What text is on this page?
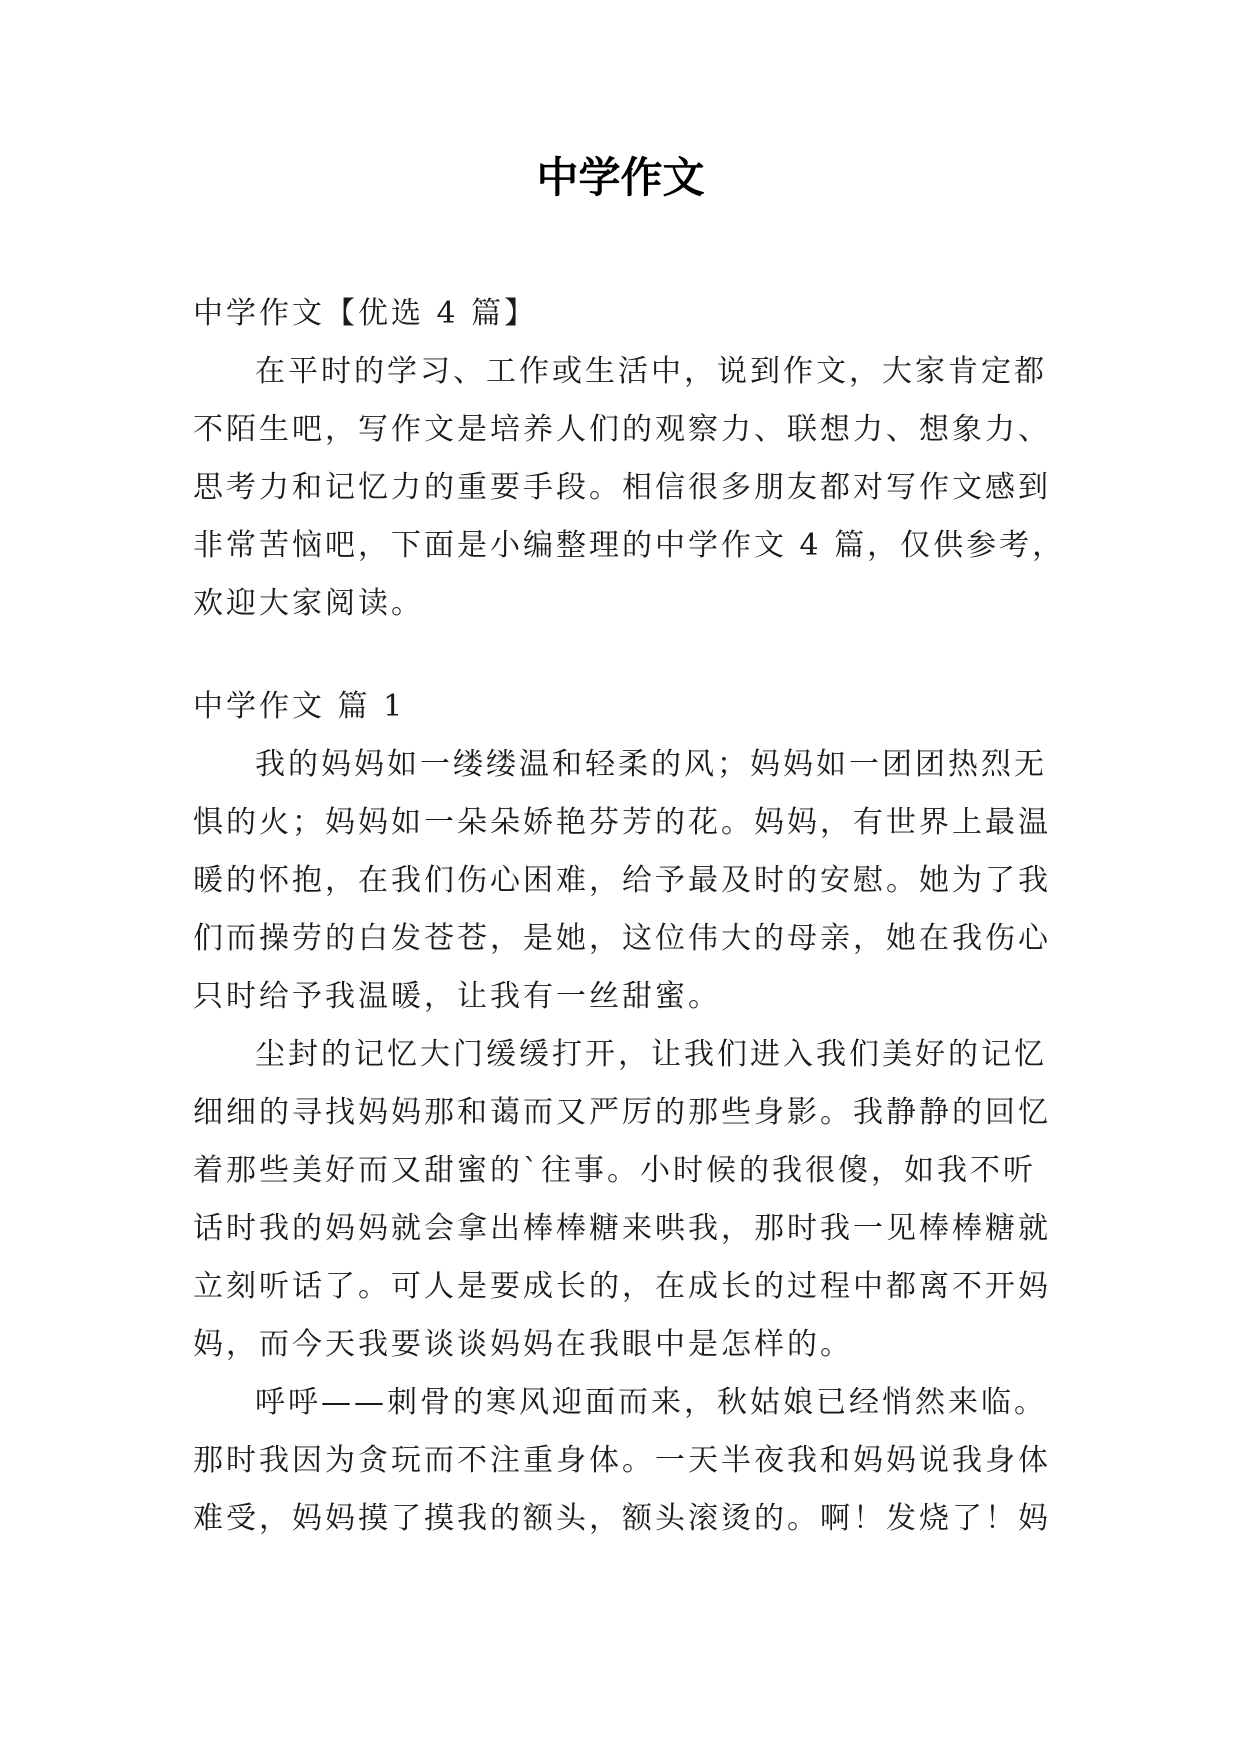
中学作文
中学作文【优选 4 篇】
在平时的学习、工作或生活中，说到作文，大家肯定都
不陌生吧，写作文是培养人们的观察力、联想力、想象力、
思考力和记忆力的重要手段。相信很多朋友都对写作文感到
非常苦恼吧，下面是小编整理的中学作文 4 篇，仅供参考，
欢迎大家阅读。
中学作文 篇 1
我的妈妈如一缕缕温和轻柔的风；妈妈如一团团热烈无
惧的火；妈妈如一朵朵娇艳芬芳的花。妈妈，有世界上最温
暖的怀抱，在我们伤心困难，给予最及时的安慰。她为了我
们而操劳的白发苍苍，是她，这位伟大的母亲，她在我伤心
只时给予我温暖，让我有一丝甜蜜。
尘封的记忆大门缓缓打开，让我们进入我们美好的记忆
细细的寻找妈妈那和蔼而又严厉的那些身影。我静静的回忆
着那些美好而又甜蜜的`往事。小时候的我很傻，如我不听
话时我的妈妈就会拿出棒棒糖来哄我，那时我一见棒棒糖就
立刻听话了。可人是要成长的，在成长的过程中都离不开妈
妈，而今天我要谈谈妈妈在我眼中是怎样的。
呼呼——刺骨的寒风迎面而来，秋姑娘已经悄然来临。
那时我因为贪玩而不注重身体。一天半夜我和妈妈说我身体
难受，妈妈摸了摸我的额头，额头滚烫的。啊！发烧了！妈
